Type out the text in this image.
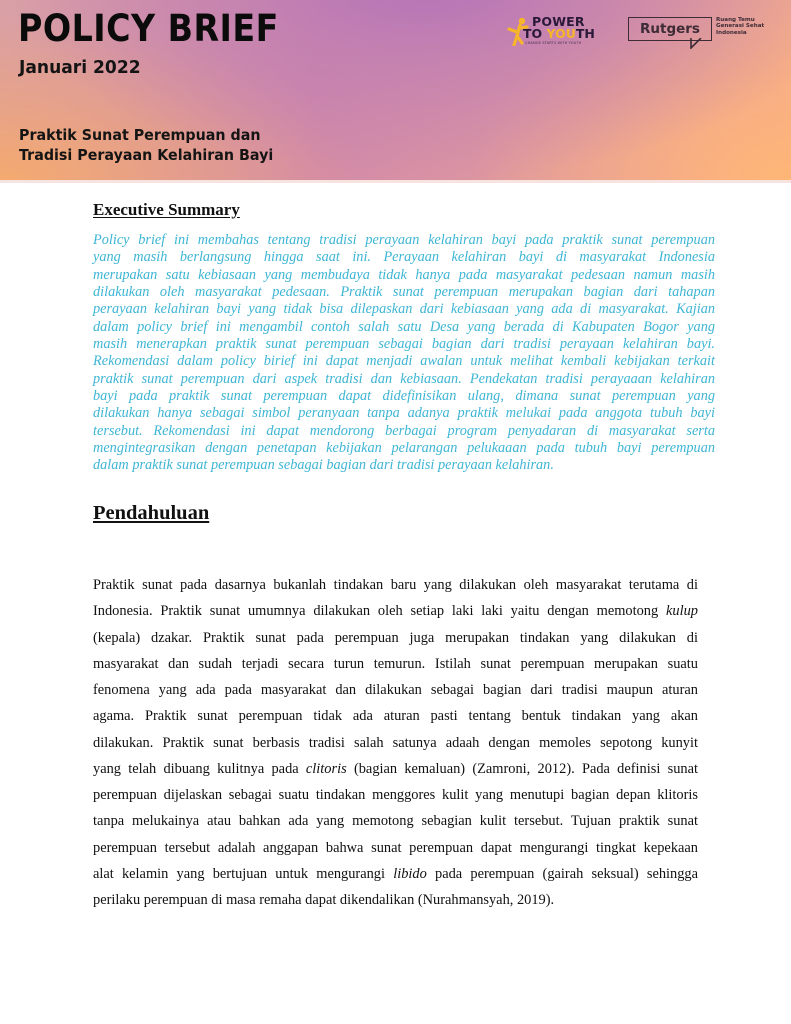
POLICY BRIEF
Januari 2022
Praktik Sunat Perempuan dan
Tradisi Perayaan Kelahiran Bayi
POWER
TO YOUTH
CHANGE STARTS WITH YOUTH
Rutgers
Ruang Temu
Generasi Sehat
Indonesia
Executive Summary
Policy brief ini membahas tentang tradisi perayaan kelahiran bayi pada praktik sunat perempuan
yang masih berlangsung hingga saat ini. Perayaan kelahiran bayi di masyarakat Indonesia
merupakan satu kebiasaan yang membudaya tidak hanya pada masyarakat pedesaan namun masih
dilakukan oleh masyarakat pedesaan. Praktik sunat perempuan merupakan bagian dari tahapan
perayaan kelahiran bayi yang tidak bisa dilepaskan dari kebiasaan yang ada di masyarakat. Kajian
dalam policy brief ini mengambil contoh salah satu Desa yang berada di Kabupaten Bogor yang
masih menerapkan praktik sunat perempuan sebagai bagian dari tradisi perayaan kelahiran bayi.
Rekomendasi dalam policy birief ini dapat menjadi awalan untuk melihat kembali kebijakan terkait
praktik sunat perempuan dari aspek tradisi dan kebiasaan. Pendekatan tradisi perayaaan kelahiran
bayi pada praktik sunat perempuan dapat didefinisikan ulang, dimana sunat perempuan yang
dilakukan hanya sebagai simbol peranyaan tanpa adanya praktik melukai pada anggota tubuh bayi
tersebut. Rekomendasi ini dapat mendorong berbagai program penyadaran di masyarakat serta
mengintegrasikan dengan penetapan kebijakan pelarangan pelukaaan pada tubuh bayi perempuan
dalam praktik sunat perempuan sebagai bagian dari tradisi perayaan kelahiran.
Pendahuluan
Praktik sunat pada dasarnya bukanlah tindakan baru yang dilakukan oleh masyarakat terutama di
Indonesia. Praktik sunat umumnya dilakukan oleh setiap laki laki yaitu dengan memotong kulup
(kepala) dzakar. Praktik sunat pada perempuan juga merupakan tindakan yang dilakukan di
masyarakat dan sudah terjadi secara turun temurun. Istilah sunat perempuan merupakan suatu
fenomena yang ada pada masyarakat dan dilakukan sebagai bagian dari tradisi maupun aturan
agama. Praktik sunat perempuan tidak ada aturan pasti tentang bentuk tindakan yang akan
dilakukan. Praktik sunat berbasis tradisi salah satunya adaah dengan memoles sepotong kunyit
yang telah dibuang kulitnya pada clitoris (bagian kemaluan) (Zamroni, 2012). Pada definisi sunat
perempuan dijelaskan sebagai suatu tindakan menggores kulit yang menutupi bagian depan klitoris
tanpa melukainya atau bahkan ada yang memotong sebagian kulit tersebut. Tujuan praktik sunat
perempuan tersebut adalah anggapan bahwa sunat perempuan dapat mengurangi tingkat kepekaan
alat kelamin yang bertujuan untuk mengurangi libido pada perempuan (gairah seksual) sehingga
perilaku perempuan di masa remaha dapat dikendalikan (Nurahmansyah, 2019).
